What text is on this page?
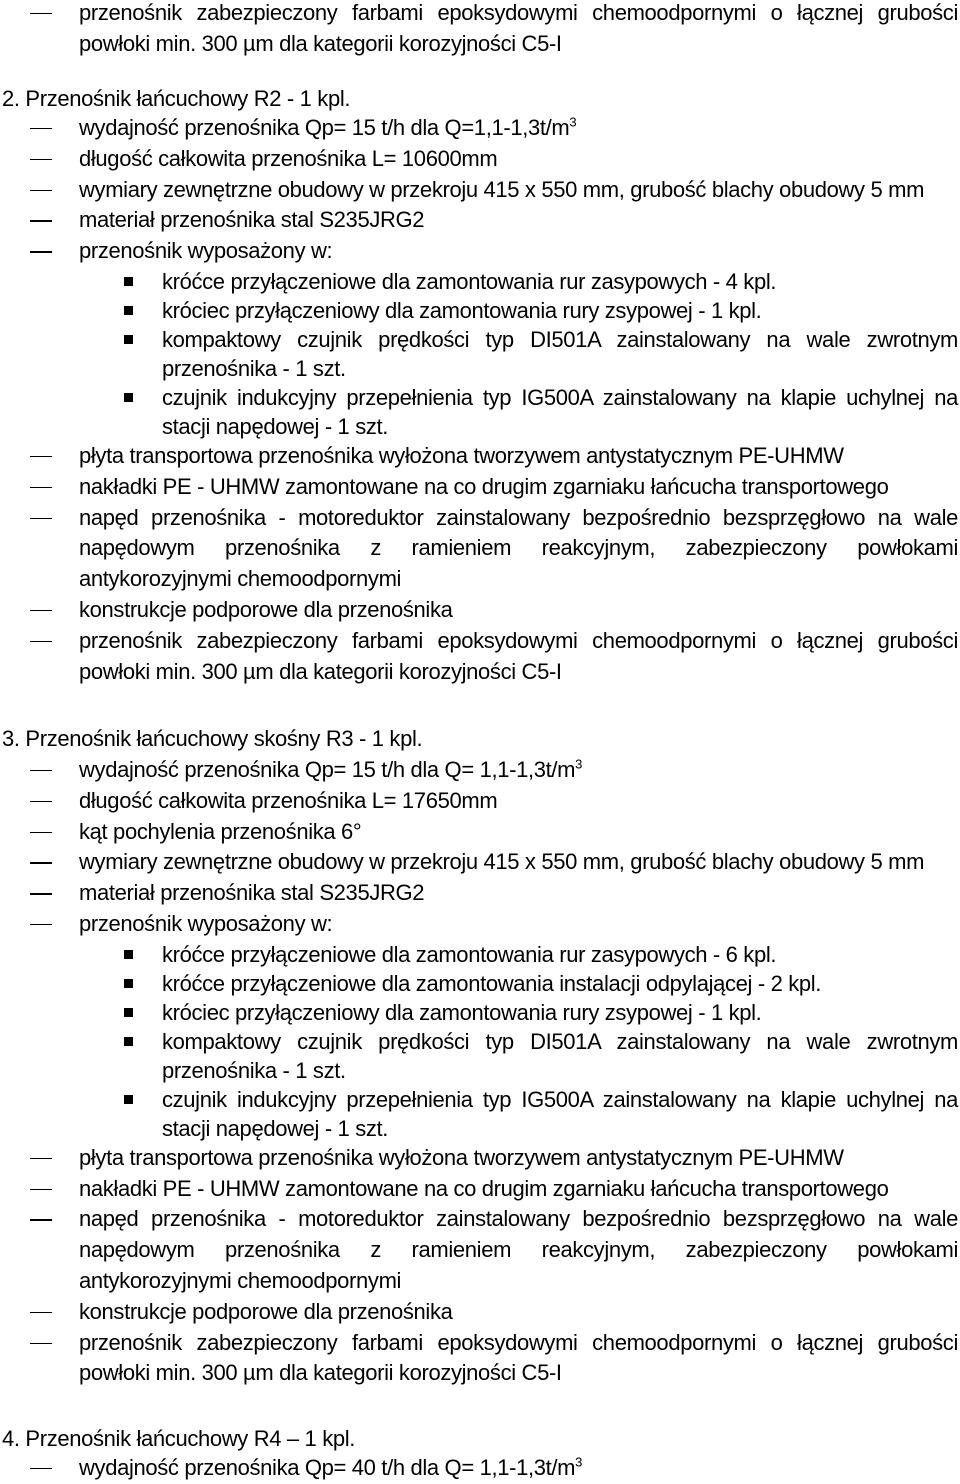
przenośnik zabezpieczony farbami epoksydowymi chemoodpornymi o łącznej grubości
powłoki min. 300 µm dla kategorii korozyjności C5-I
2. Przenośnik łańcuchowy R2 - 1 kpl.
wydajność przenośnika Qp= 15 t/h dla $Q=1,1-1,3t/m^3$
długość całkowita przenośnika L= 10600mm
wymiary zewnętrzne obudowy w przekroju 415 x 550 mm, grubość blachy obudowy 5 mm
materiał przenośnika stal S235JRG2
przenośnik wyposażony w:
króćce przyłączeniowe dla zamontowania rur zasypowych - 4 kpl.
króciec przyłączeniowy dla zamontowania rury zsypowej - 1 kpl.
kompaktowy czujnik prędkości typ DI501A zainstalowany na wale zwrotnym
przenośnika - 1 szt.
czujnik indukcyjny przepełnienia typ IG500A zainstalowany na klapie uchylnej na
stacji napędowej - 1 szt.
płyta transportowa przenośnika wyłożona tworzywem antystatycznym PE-UHMW
nakładki PE - UHMW zamontowane na co drugim zgarniaku łańcucha transportowego
napęd przenośnika - motoreduktor zainstalowany bezpośrednio bezsprzęgłowo na wale
napędowym przenośnika z ramieniem reakcyjnym, zabezpieczony powłokami
antykorozyjnymi chemoodpornymi
konstrukcje podporowe dla przenośnika
przenośnik zabezpieczony farbami epoksydowymi chemoodpornymi o łącznej grubości
powłoki min. 300 µm dla kategorii korozyjności C5-I
3. Przenośnik łańcuchowy skośny R3 - 1 kpl.
wydajność przenośnika Qp= 15 t/h dla $Q= 1,1-1,3t/m^3$
długość całkowita przenośnika L= 17650mm
kąt pochylenia przenośnika 6°
wymiary zewnętrzne obudowy w przekroju 415 x 550 mm, grubość blachy obudowy 5 mm
materiał przenośnika stal S235JRG2
przenośnik wyposażony w:
króćce przyłączeniowe dla zamontowania rur zasypowych - 6 kpl.
króćce przyłączeniowe dla zamontowania instalacji odpylającej - 2 kpl.
króciec przyłączeniowy dla zamontowania rury zsypowej - 1 kpl.
kompaktowy czujnik prędkości typ DI501A zainstalowany na wale zwrotnym
przenośnika - 1 szt.
czujnik indukcyjny przepełnienia typ IG500A zainstalowany na klapie uchylnej na
stacji napędowej - 1 szt.
płyta transportowa przenośnika wyłożona tworzywem antystatycznym PE-UHMW
nakładki PE - UHMW zamontowane na co drugim zgarniaku łańcucha transportowego
napęd przenośnika - motoreduktor zainstalowany bezpośrednio bezsprzęgłowo na wale
napędowym przenośnika z ramieniem reakcyjnym, zabezpieczony powłokami
antykorozyjnymi chemoodpornymi
konstrukcje podporowe dla przenośnika
przenośnik zabezpieczony farbami epoksydowymi chemoodpornymi o łącznej grubości
powłoki min. 300 µm dla kategorii korozyjności C5-I
4. Przenośnik łańcuchowy R4 – 1 kpl.
wydajność przenośnika Qp= 40 t/h dla $Q= 1,1-1,3t/m^3$
